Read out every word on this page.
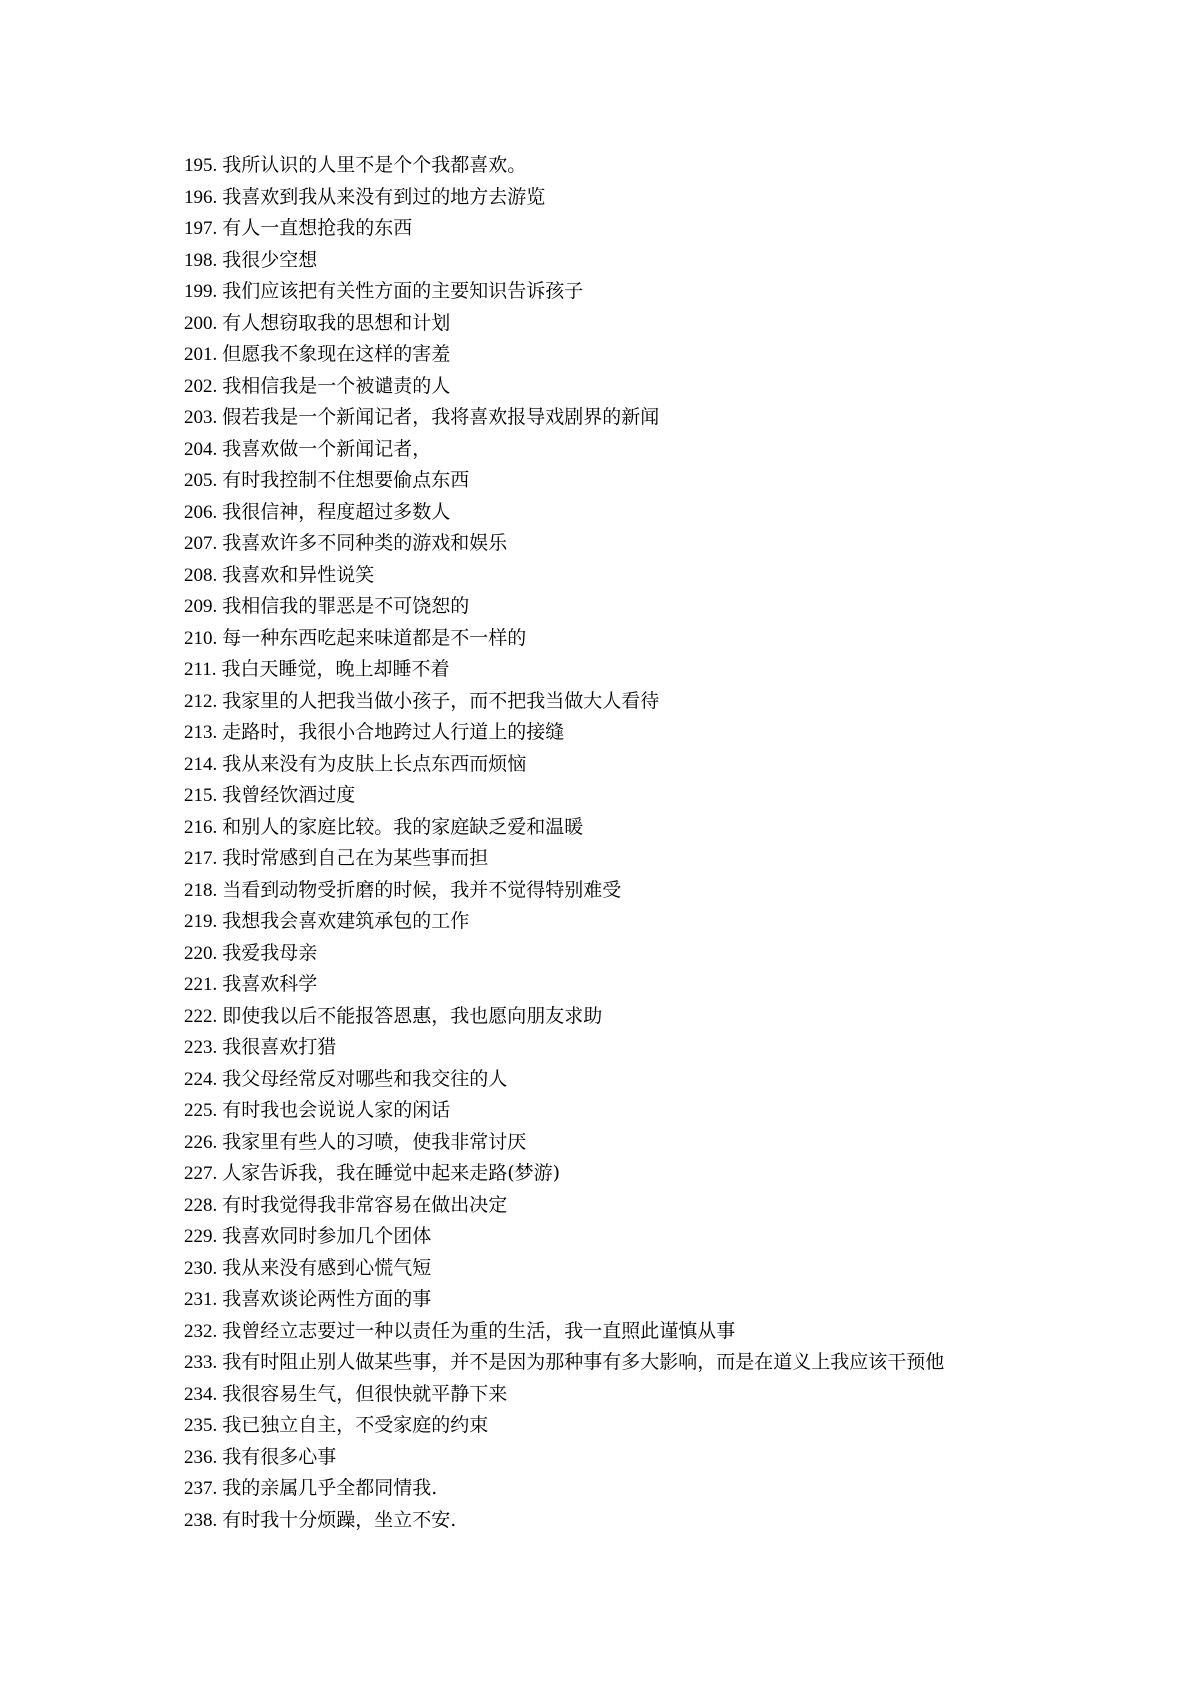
195. 我所认识的人里不是个个我都喜欢。
196. 我喜欢到我从来没有到过的地方去游览
197. 有人一直想抢我的东西
198. 我很少空想
199. 我们应该把有关性方面的主要知识告诉孩子
200. 有人想窃取我的思想和计划
201. 但愿我不象现在这样的害羞
202. 我相信我是一个被谴责的人
203. 假若我是一个新闻记者，我将喜欢报导戏剧界的新闻
204. 我喜欢做一个新闻记者，
205. 有时我控制不住想要偷点东西
206. 我很信神，程度超过多数人
207. 我喜欢许多不同种类的游戏和娱乐
208. 我喜欢和异性说笑
209. 我相信我的罪恶是不可饶恕的
210. 每一种东西吃起来味道都是不一样的
211. 我白天睡觉，晚上却睡不着
212. 我家里的人把我当做小孩子，而不把我当做大人看待
213. 走路时，我很小合地跨过人行道上的接缝
214. 我从来没有为皮肤上长点东西而烦恼
215. 我曾经饮酒过度
216. 和别人的家庭比较。我的家庭缺乏爱和温暖
217. 我时常感到自己在为某些事而担
218. 当看到动物受折磨的时候，我并不觉得特别难受
219. 我想我会喜欢建筑承包的工作
220. 我爱我母亲
221. 我喜欢科学
222. 即使我以后不能报答恩惠，我也愿向朋友求助
223. 我很喜欢打猎
224. 我父母经常反对哪些和我交往的人
225. 有时我也会说说人家的闲话
226. 我家里有些人的习喷，使我非常讨厌
227. 人家告诉我，我在睡觉中起来走路(梦游)
228. 有时我觉得我非常容易在做出决定
229. 我喜欢同时参加几个团体
230. 我从来没有感到心慌气短
231. 我喜欢谈论两性方面的事
232. 我曾经立志要过一种以责任为重的生活，我一直照此谨慎从事
233. 我有时阻止别人做某些事，并不是因为那种事有多大影响，而是在道义上我应该干预他
234. 我很容易生气，但很快就平静下来
235. 我已独立自主，不受家庭的约束
236. 我有很多心事
237. 我的亲属几乎全都同情我.
238. 有时我十分烦躁，坐立不安.
